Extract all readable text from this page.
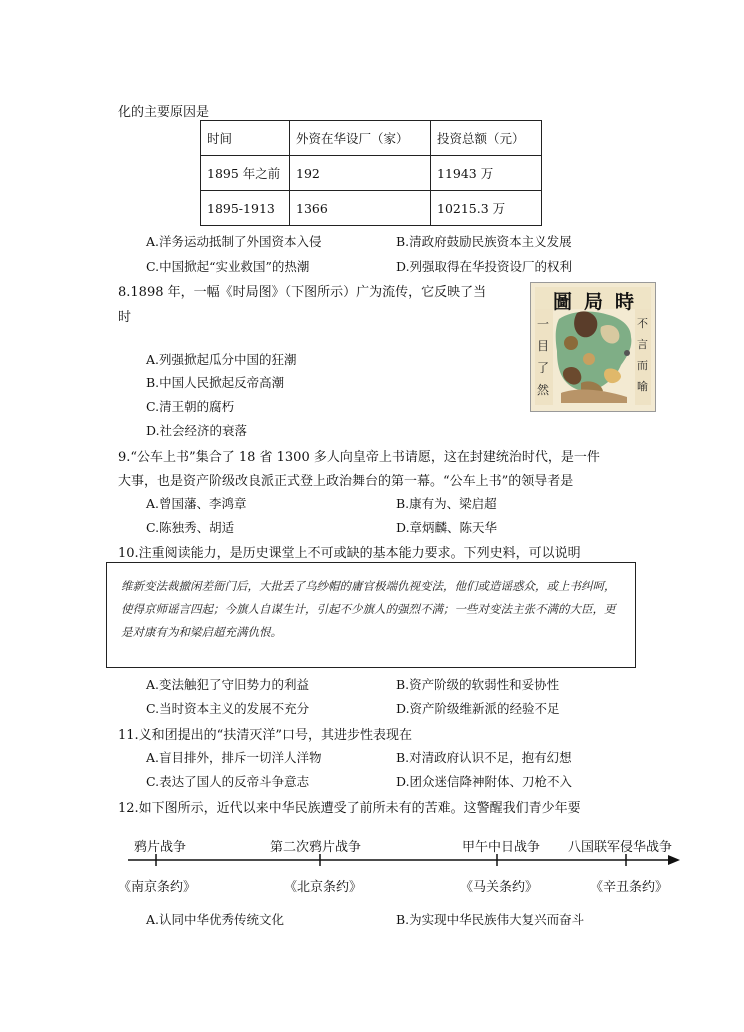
化的主要原因是
时间	外资在华设厂（家）	投资总额（元）
1895 年之前	192	11943 万
1895-1913	1366	10215.3 万
A.洋务运动抵制了外国资本入侵	B.清政府鼓励民族资本主义发展
C.中国掀起“实业救国”的热潮	D.列强取得在华投资设厂的权利
8.1898 年，一幅《时局图》（下图所示）广为流传，它反映了当
时
圖局時
一目了然
不言而喻
A.列强掀起瓜分中国的狂潮
B.中国人民掀起反帝高潮
C.清王朝的腐朽
D.社会经济的衰落
9.“公车上书”集合了 18 省 1300 多人向皇帝上书请愿，这在封建统治时代，是一件
大事，也是资产阶级改良派正式登上政治舞台的第一幕。“公车上书”的领导者是
A.曾国藩、李鸿章	B.康有为、梁启超
C.陈独秀、胡适	D.章炳麟、陈天华
10.注重阅读能力，是历史课堂上不可或缺的基本能力要求。下列史料，可以说明
维新变法裁撤闲差衙门后，大批丢了乌纱帽的庸官极端仇视变法，他们或造谣惑众，或上书纠呵，使得京师谣言四起；今旗人自谋生计，引起不少旗人的强烈不满；一些对变法主张不满的大臣，更是对康有为和梁启超充满仇恨。
A.变法触犯了守旧势力的利益	B.资产阶级的软弱性和妥协性
C.当时资本主义的发展不充分	D.资产阶级维新派的经验不足
11.义和团提出的“扶清灭洋”口号，其进步性表现在
A.盲目排外，排斥一切洋人洋物	B.对清政府认识不足，抱有幻想
C.表达了国人的反帝斗争意志	D.团众迷信降神附体、刀枪不入
12.如下图所示，近代以来中华民族遭受了前所未有的苦难。这警醒我们青少年要
鸦片战争	第二次鸦片战争	甲午中日战争 八国联军侵华战争
《南京条约》	《北京条约》	《马关条约》	《辛丑条约》
A.认同中华优秀传统文化	B.为实现中华民族伟大复兴而奋斗
